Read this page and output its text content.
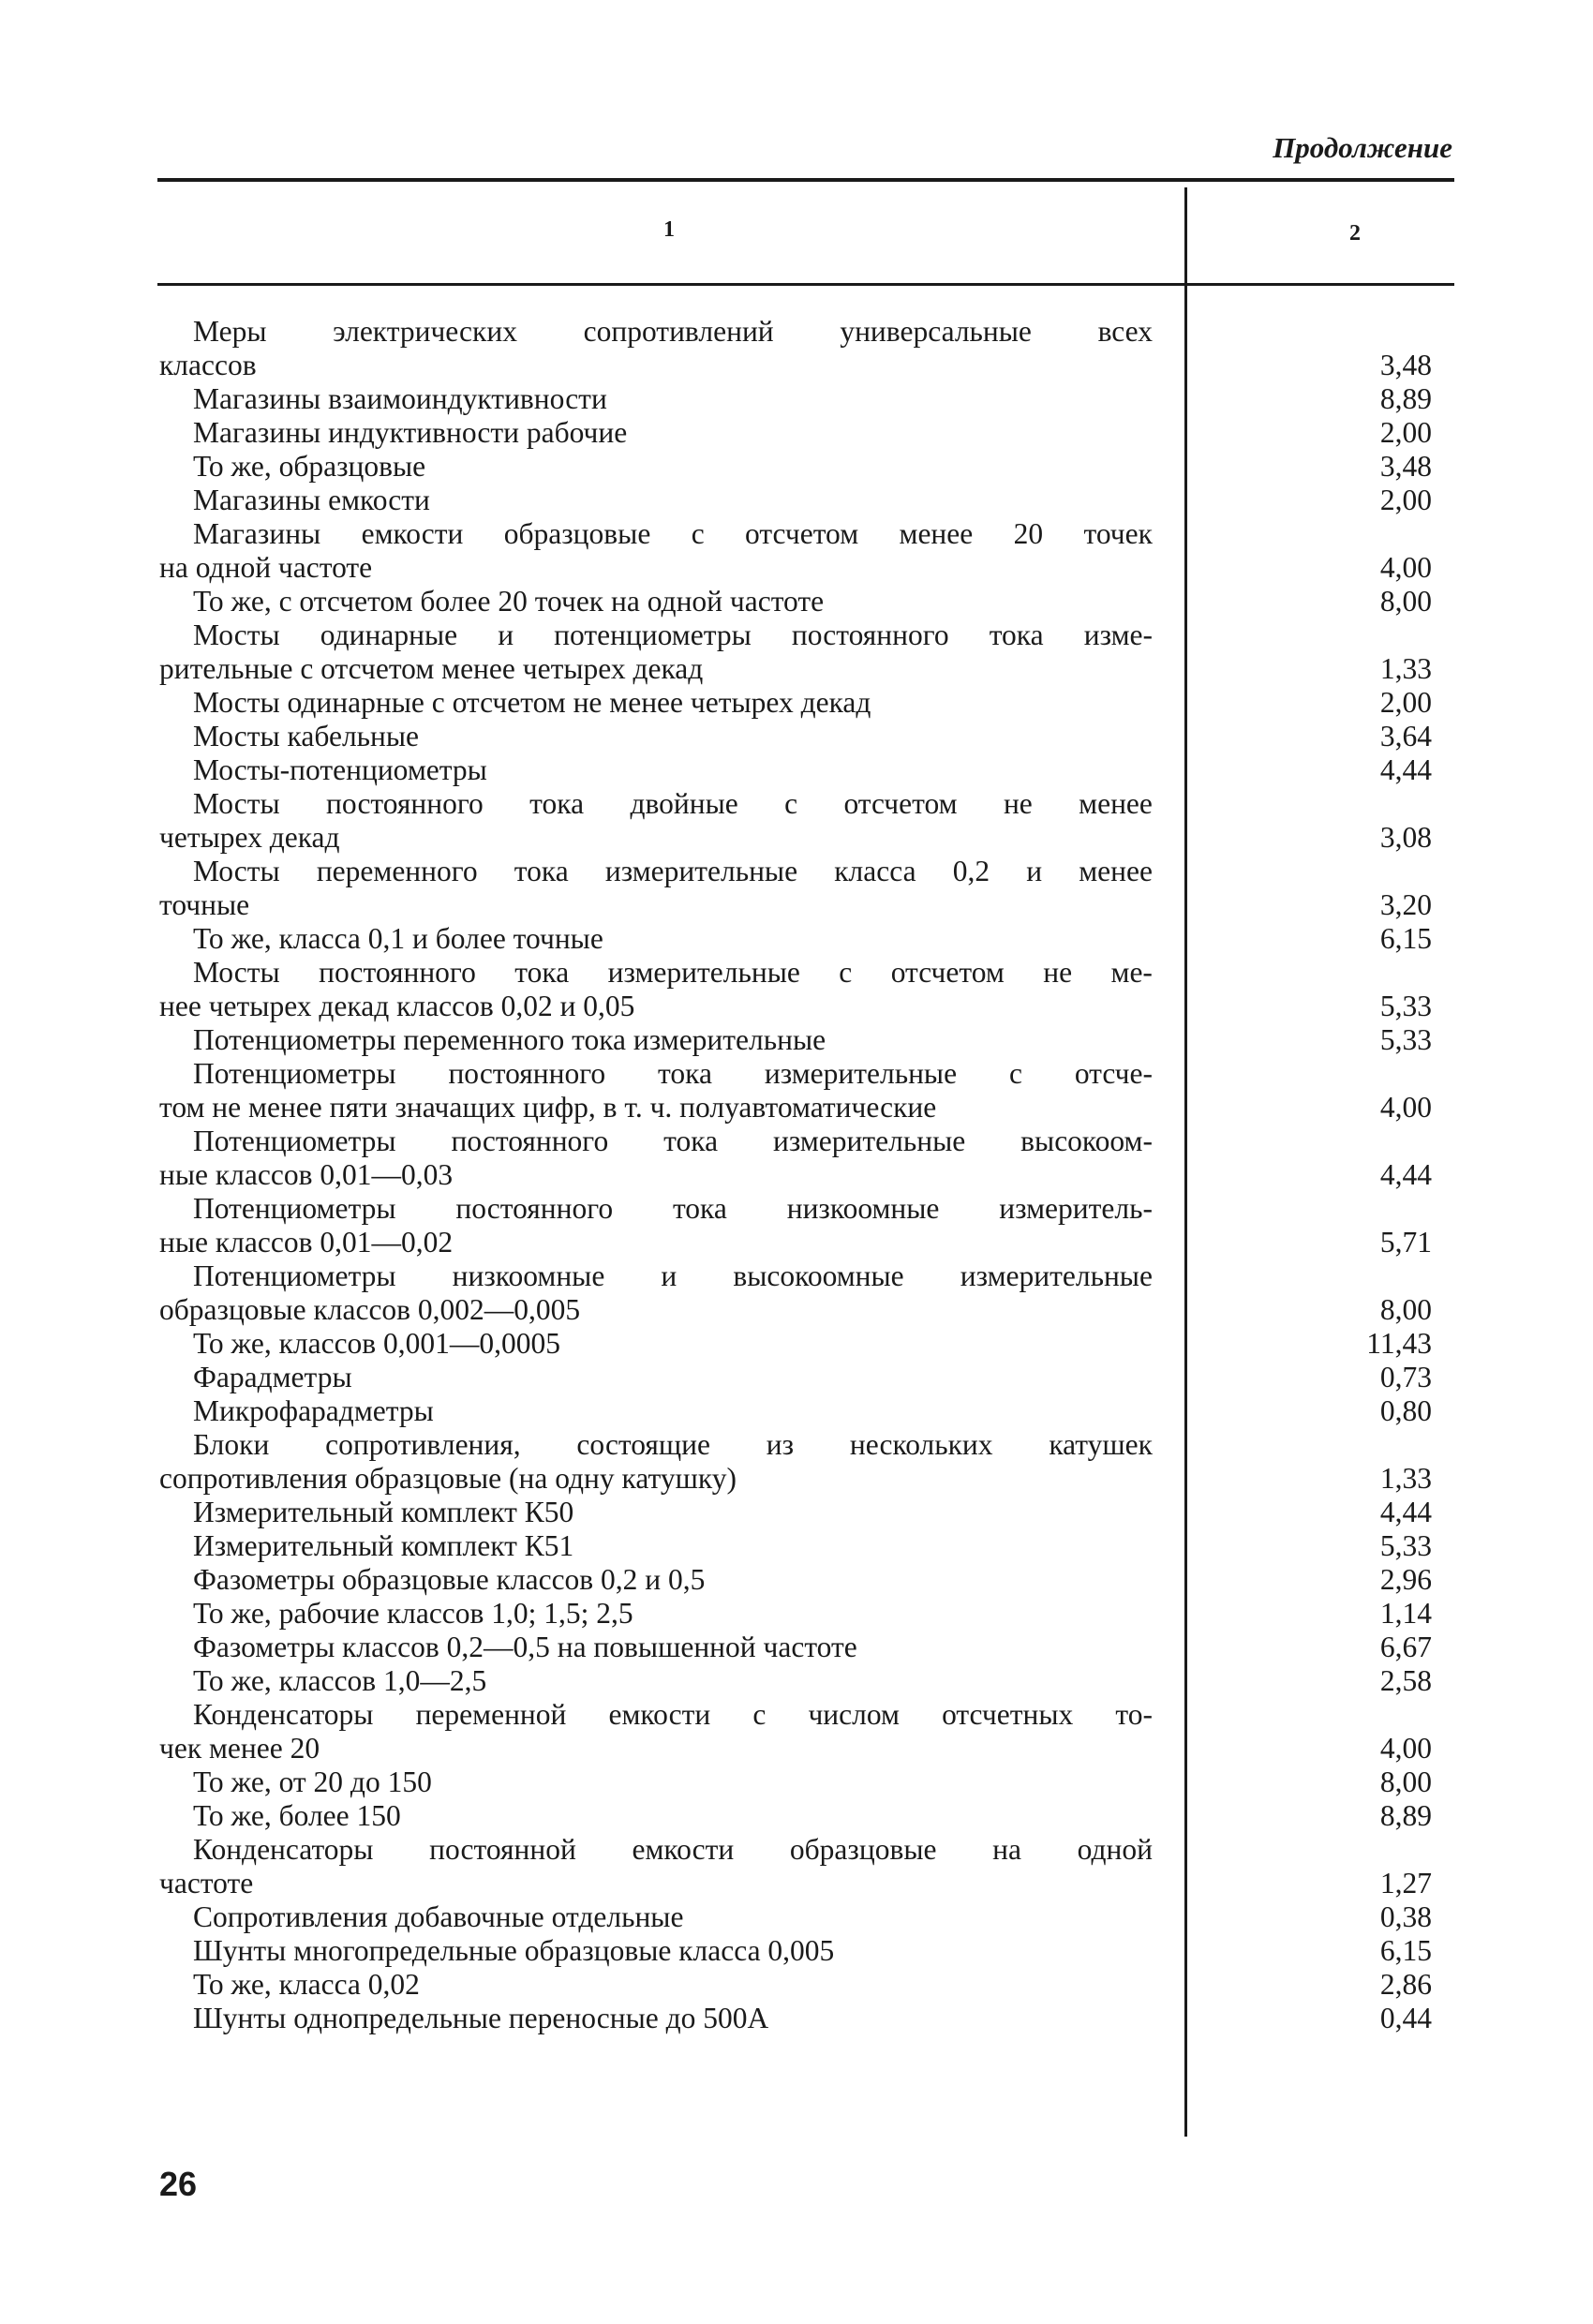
Продолжение
1	2
Меры электрических сопротивлений универсальные всех
классов	3,48
Магазины взаимоиндуктивности	8,89
Магазины индуктивности рабочие	2,00
То же, образцовые	3,48
Магазины емкости	2,00
Магазины емкости образцовые с отсчетом менее 20 точек
на одной частоте	4,00
То же, с отсчетом более 20 точек на одной частоте	8,00
Мосты одинарные и потенциометры постоянного тока изме-
рительные с отсчетом менее четырех декад	1,33
Мосты одинарные с отсчетом не менее четырех декад	2,00
Мосты кабельные	3,64
Мосты-потенциометры	4,44
Мосты постоянного тока двойные с отсчетом не менее
четырех декад	3,08
Мосты переменного тока измерительные класса 0,2 и менее
точные	3,20
То же, класса 0,1 и более точные	6,15
Мосты постоянного тока измерительные с отсчетом не ме-
нее четырех декад классов 0,02 и 0,05	5,33
Потенциометры переменного тока измерительные	5,33
Потенциометры постоянного тока измерительные с отсче-
том не менее пяти значащих цифр, в т. ч. полуавтоматические	4,00
Потенциометры постоянного тока измерительные высокоом-
ные классов 0,01—0,03	4,44
Потенциометры постоянного тока низкоомные измеритель-
ные классов 0,01—0,02	5,71
Потенциометры низкоомные и высокоомные измерительные
образцовые классов 0,002—0,005	8,00
То же, классов 0,001—0,0005	11,43
Фарадметры	0,73
Микрофарадметры	0,80
Блоки сопротивления, состоящие из нескольких катушек
сопротивления образцовые (на одну катушку)	1,33
Измерительный комплект К50	4,44
Измерительный комплект К51	5,33
Фазометры образцовые классов 0,2 и 0,5	2,96
То же, рабочие классов 1,0; 1,5; 2,5	1,14
Фазометры классов 0,2—0,5 на повышенной частоте	6,67
То же, классов 1,0—2,5	2,58
Конденсаторы переменной емкости с числом отсчетных то-
чек менее 20	4,00
То же, от 20 до 150	8,00
То же, более 150	8,89
Конденсаторы постоянной емкости образцовые на одной
частоте	1,27
Сопротивления добавочные отдельные	0,38
Шунты многопредельные образцовые класса 0,005	6,15
То же, класса 0,02	2,86
Шунты однопредельные переносные до 500А	0,44
26
